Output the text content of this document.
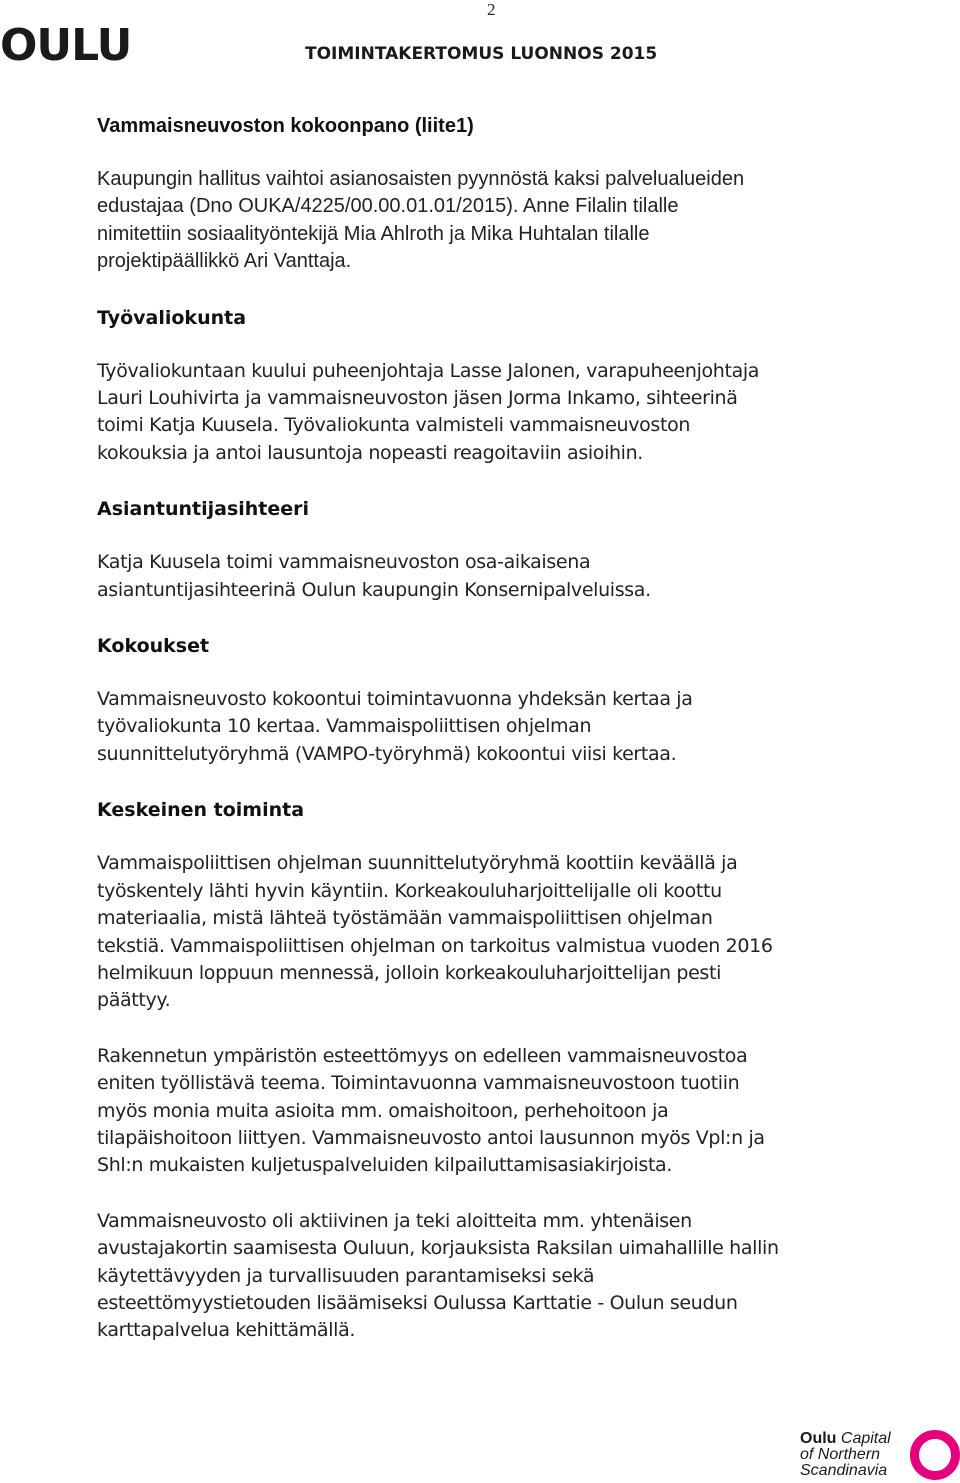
2
OULU	TOIMINTAKERTOMUS LUONNOS 2015
Vammaisneuvoston kokoonpano (liite1)

Kaupungin hallitus vaihtoi asianosaisten pyynnöstä kaksi palvelualueiden
edustajaa (Dno OUKA/4225/00.00.01.01/2015). Anne Filalin tilalle
nimitettiin sosiaalityöntekijä Mia Ahlroth ja Mika Huhtalan tilalle
projektipäällikkö Ari Vanttaja.

Työvaliokunta

Työvaliokuntaan kuului puheenjohtaja Lasse Jalonen, varapuheenjohtaja
Lauri Louhivirta ja vammaisneuvoston jäsen Jorma Inkamo, sihteerinä
toimi Katja Kuusela. Työvaliokunta valmisteli vammaisneuvoston
kokouksia ja antoi lausuntoja nopeasti reagoitaviin asioihin.

Asiantuntijasihteeri

Katja Kuusela toimi vammaisneuvoston osa-aikaisena
asiantuntijasihteerinä Oulun kaupungin Konsernipalveluissa.

Kokoukset

Vammaisneuvosto kokoontui toimintavuonna yhdeksän kertaa ja
työvaliokunta 10 kertaa. Vammaispoliittisen ohjelman
suunnittelutyöryhmä (VAMPO-työryhmä) kokoontui viisi kertaa.

Keskeinen toiminta

Vammaispoliittisen ohjelman suunnittelutyöryhmä koottiin keväällä ja
työskentely lähti hyvin käyntiin. Korkeakouluharjoittelijalle oli koottu
materiaalia, mistä lähteä työstämään vammaispoliittisen ohjelman
tekstiä. Vammaispoliittisen ohjelman on tarkoitus valmistua vuoden 2016
helmikuun loppuun mennessä, jolloin korkeakouluharjoittelijan pesti
päättyy.

Rakennetun ympäristön esteettömyys on edelleen vammaisneuvostoa
eniten työllistävä teema. Toimintavuonna vammaisneuvostoon tuotiin
myös monia muita asioita mm. omaishoitoon, perhehoitoon ja
tilapäishoitoon liittyen. Vammaisneuvosto antoi lausunnon myös Vpl:n ja
Shl:n mukaisten kuljetuspalveluiden kilpailuttamisasiakirjoista.

Vammaisneuvosto oli aktiivinen ja teki aloitteita mm. yhtenäisen
avustajakortin saamisesta Ouluun, korjauksista Raksilan uimahallille hallin
käytettävyyden ja turvallisuuden parantamiseksi sekä
esteettömyystietouden lisäämiseksi Oulussa Karttatie - Oulun seudun
karttapalvelua kehittämällä.

Oulu Capital
of Northern
Scandinavia
